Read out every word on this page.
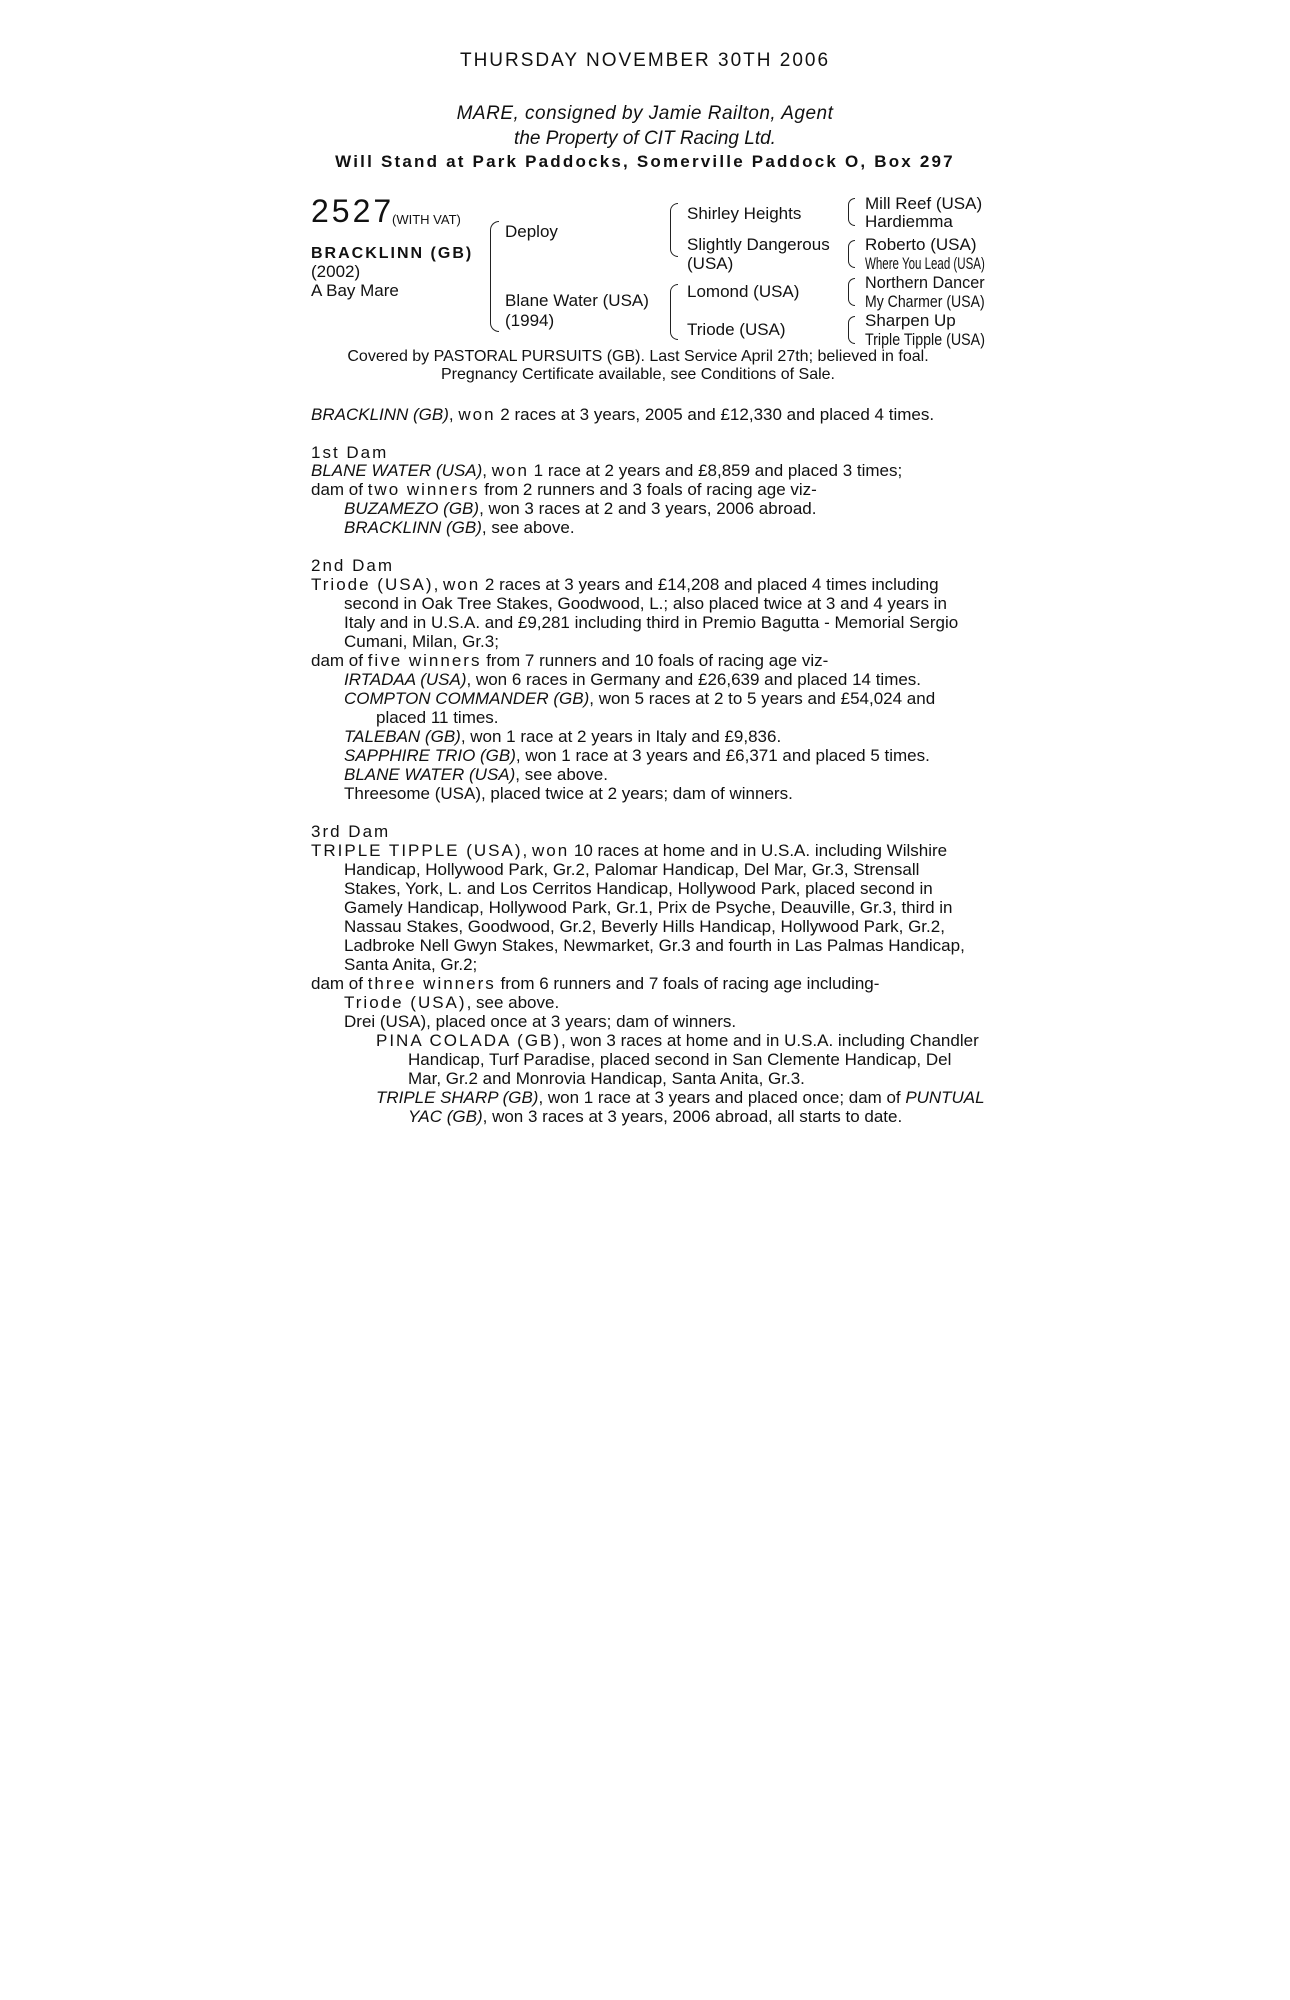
THURSDAY NOVEMBER 30TH 2006
MARE, consigned by Jamie Railton, Agent
the Property of CIT Racing Ltd.
Will Stand at Park Paddocks, Somerville Paddock O, Box 297
2527
(WITH VAT)
BRACKLINN (GB)
(2002)
A Bay Mare
Deploy
Blane Water (USA)
(1994)
Shirley Heights
Slightly Dangerous
(USA)
Lomond (USA)
Triode (USA)
Mill Reef (USA)
Hardiemma
Roberto (USA)
Where You Lead (USA)
Northern Dancer
My Charmer (USA)
Sharpen Up
Triple Tipple (USA)
Covered by PASTORAL PURSUITS (GB). Last Service April 27th; believed in foal.
Pregnancy Certificate available, see Conditions of Sale.
BRACKLINN (GB), won 2 races at 3 years, 2005 and £12,330 and placed 4 times.
1st Dam
BLANE WATER (USA), won 1 race at 2 years and £8,859 and placed 3 times;
dam of two winners from 2 runners and 3 foals of racing age viz-
BUZAMEZO (GB), won 3 races at 2 and 3 years, 2006 abroad.
BRACKLINN (GB), see above.
2nd Dam
Triode (USA), won 2 races at 3 years and £14,208 and placed 4 times including
second in Oak Tree Stakes, Goodwood, L.; also placed twice at 3 and 4 years in
Italy and in U.S.A. and £9,281 including third in Premio Bagutta - Memorial Sergio
Cumani, Milan, Gr.3;
dam of five winners from 7 runners and 10 foals of racing age viz-
IRTADAA (USA), won 6 races in Germany and £26,639 and placed 14 times.
COMPTON COMMANDER (GB), won 5 races at 2 to 5 years and £54,024 and
placed 11 times.
TALEBAN (GB), won 1 race at 2 years in Italy and £9,836.
SAPPHIRE TRIO (GB), won 1 race at 3 years and £6,371 and placed 5 times.
BLANE WATER (USA), see above.
Threesome (USA), placed twice at 2 years; dam of winners.
3rd Dam
TRIPLE TIPPLE (USA), won 10 races at home and in U.S.A. including Wilshire
Handicap, Hollywood Park, Gr.2, Palomar Handicap, Del Mar, Gr.3, Strensall
Stakes, York, L. and Los Cerritos Handicap, Hollywood Park, placed second in
Gamely Handicap, Hollywood Park, Gr.1, Prix de Psyche, Deauville, Gr.3, third in
Nassau Stakes, Goodwood, Gr.2, Beverly Hills Handicap, Hollywood Park, Gr.2,
Ladbroke Nell Gwyn Stakes, Newmarket, Gr.3 and fourth in Las Palmas Handicap,
Santa Anita, Gr.2;
dam of three winners from 6 runners and 7 foals of racing age including-
Triode (USA), see above.
Drei (USA), placed once at 3 years; dam of winners.
PINA COLADA (GB), won 3 races at home and in U.S.A. including Chandler
Handicap, Turf Paradise, placed second in San Clemente Handicap, Del
Mar, Gr.2 and Monrovia Handicap, Santa Anita, Gr.3.
TRIPLE SHARP (GB), won 1 race at 3 years and placed once; dam of PUNTUAL
YAC (GB), won 3 races at 3 years, 2006 abroad, all starts to date.
